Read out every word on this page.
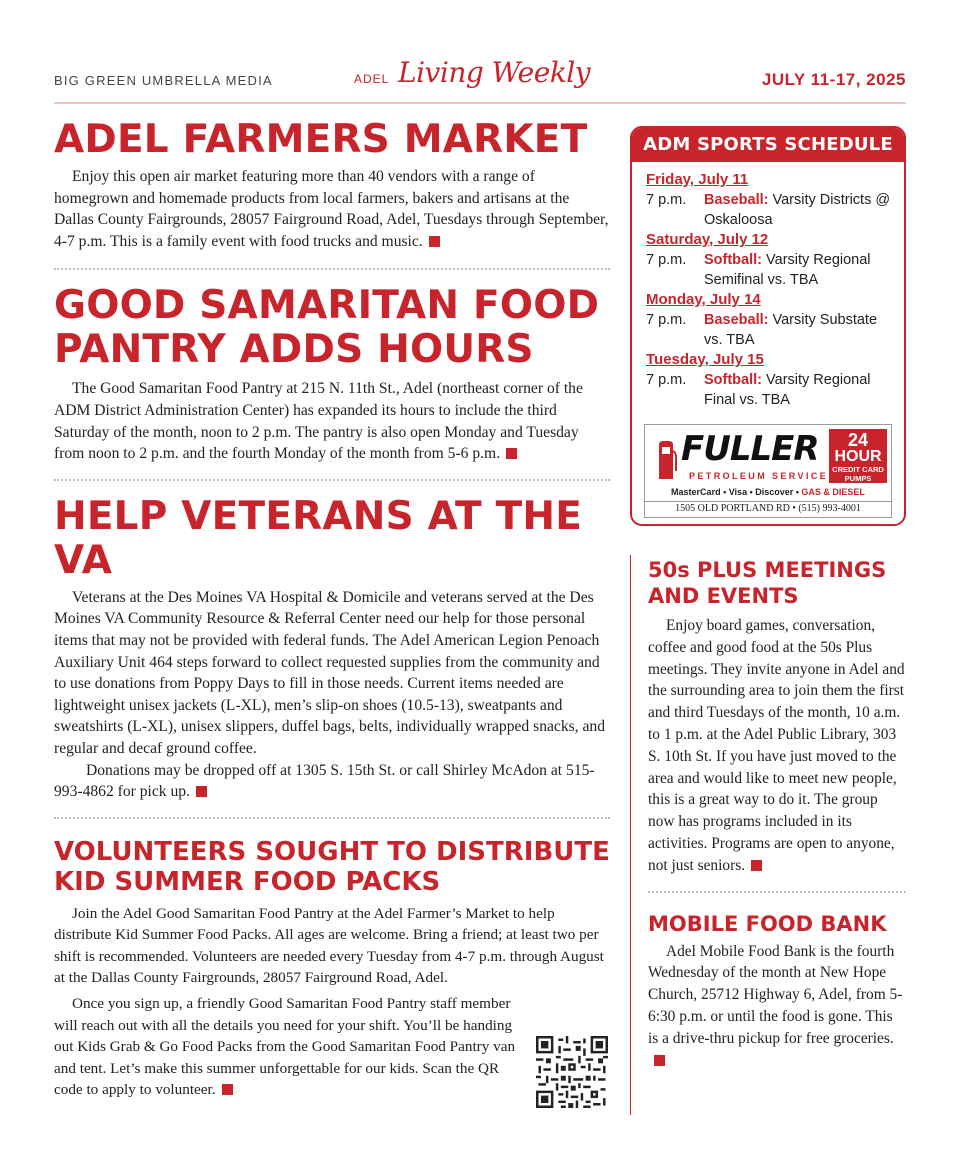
BIG GREEN UMBRELLA MEDIA	ADEL Living Weekly	JULY 11-17, 2025
ADEL FARMERS MARKET

Enjoy this open air market featuring more than 40 vendors with a range of homegrown and homemade products from local farmers, bakers and artisans at the Dallas County Fairgrounds, 28057 Fairground Road, Adel, Tuesdays through September, 4-7 p.m. This is a family event with food trucks and music.

GOOD SAMARITAN FOOD PANTRY ADDS HOURS

The Good Samaritan Food Pantry at 215 N. 11th St., Adel (northeast corner of the ADM District Administration Center) has expanded its hours to include the third Saturday of the month, noon to 2 p.m. The pantry is also open Monday and Tuesday from noon to 2 p.m. and the fourth Monday of the month from 5-6 p.m.

HELP VETERANS AT THE VA

Veterans at the Des Moines VA Hospital & Domicile and veterans served at the Des Moines VA Community Resource & Referral Center need our help for those personal items that may not be provided with federal funds. The Adel American Legion Penoach Auxiliary Unit 464 steps forward to collect requested supplies from the community and to use donations from Poppy Days to fill in those needs. Current items needed are lightweight unisex jackets (L-XL), men’s slip-on shoes (10.5-13), sweatpants and sweatshirts (L-XL), unisex slippers, duffel bags, belts, individually wrapped snacks, and regular and decaf ground coffee.

Donations may be dropped off at 1305 S. 15th St. or call Shirley McAdon at 515-993-4862 for pick up.

VOLUNTEERS SOUGHT TO DISTRIBUTE KID SUMMER FOOD PACKS

Join the Adel Good Samaritan Food Pantry at the Adel Farmer’s Market to help distribute Kid Summer Food Packs. All ages are welcome. Bring a friend; at least two per shift is recommended. Volunteers are needed every Tuesday from 4-7 p.m. through August at the Dallas County Fairgrounds, 28057 Fairground Road, Adel.

Once you sign up, a friendly Good Samaritan Food Pantry staff member will reach out with all the details you need for your shift. You’ll be handing out Kids Grab & Go Food Packs from the Good Samaritan Food Pantry van and tent. Let’s make this summer unforgettable for our kids. Scan the QR code to apply to volunteer.

ADM SPORTS SCHEDULE
Friday, July 11
7 p.m.	Baseball: Varsity Districts @ Oskaloosa
Saturday, July 12
7 p.m.	Softball: Varsity Regional Semifinal vs. TBA
Monday, July 14
7 p.m.	Baseball: Varsity Substate vs. TBA
Tuesday, July 15
7 p.m.	Softball: Varsity Regional Final vs. TBA
FULLER
PETROLEUM SERVICE
24
HOUR
CREDIT CARD PUMPS
MasterCard • Visa • Discover • GAS & DIESEL
1505 OLD PORTLAND RD • (515) 993-4001
50s PLUS MEETINGS AND EVENTS

Enjoy board games, conversation, coffee and good food at the 50s Plus meetings. They invite anyone in Adel and the surrounding area to join them the first and third Tuesdays of the month, 10 a.m. to 1 p.m. at the Adel Public Library, 303 S. 10th St. If you have just moved to the area and would like to meet new people, this is a great way to do it. The group now has programs included in its activities. Programs are open to anyone, not just seniors.

MOBILE FOOD BANK

Adel Mobile Food Bank is the fourth Wednesday of the month at New Hope Church, 25712 Highway 6, Adel, from 5-6:30 p.m. or until the food is gone. This is a drive-thru pickup for free groceries.
